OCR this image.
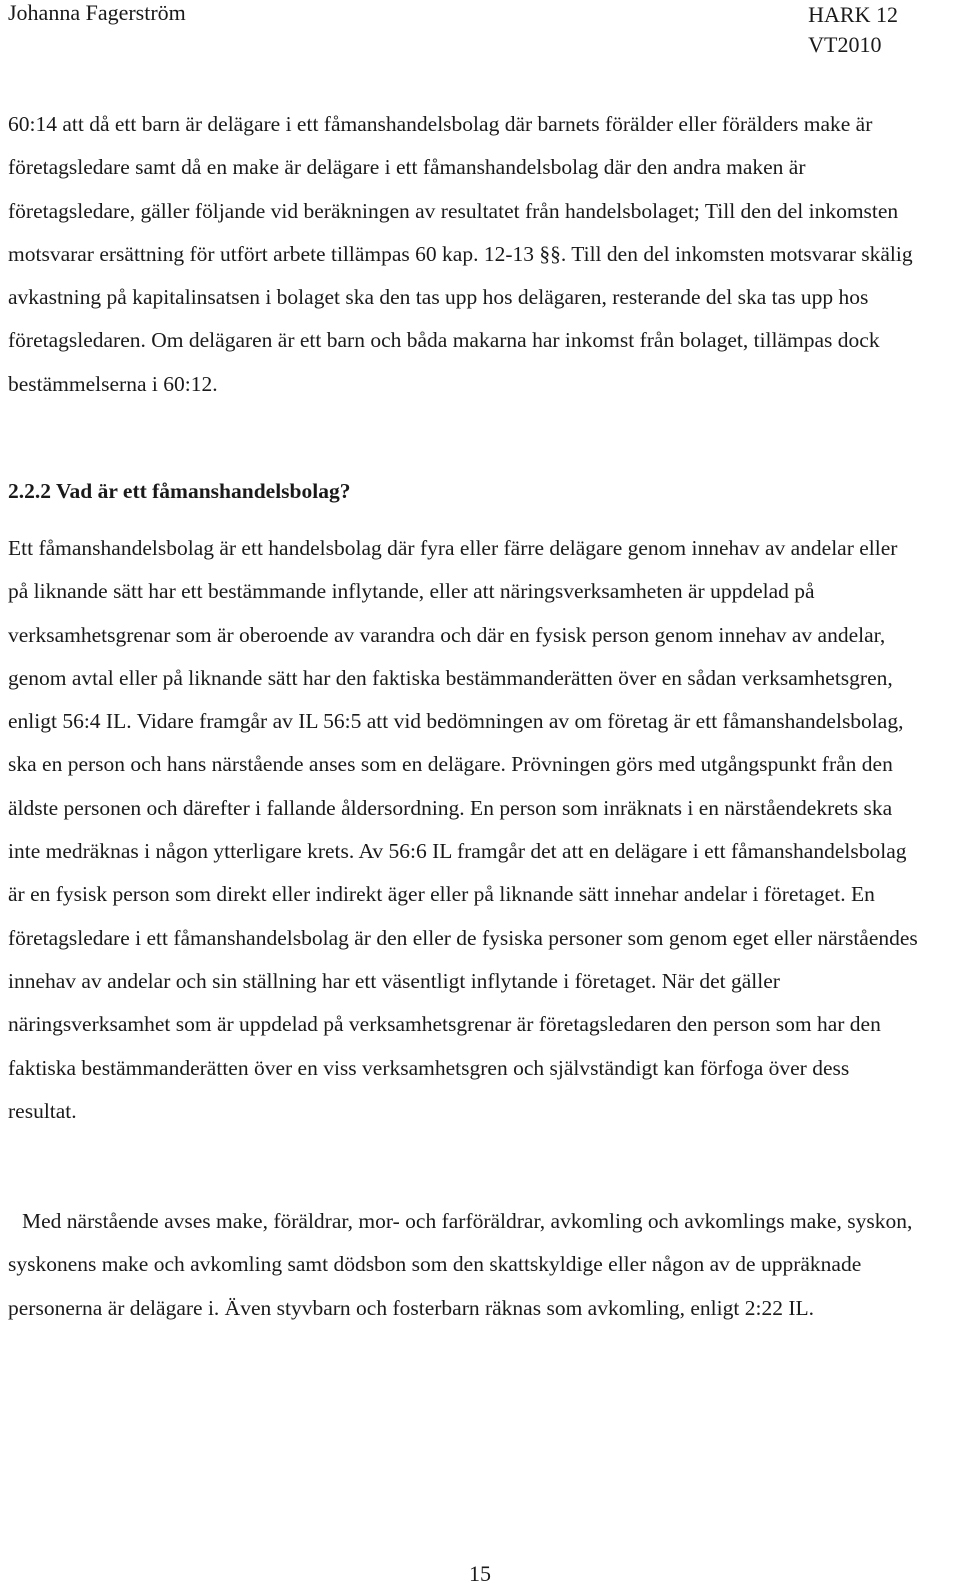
Johanna Fagerström	HARK 12
VT2010

60:14 att då ett barn är delägare i ett fåmanshandelsbolag där barnets förälder eller förälders make är företagsledare samt då en make är delägare i ett fåmanshandelsbolag där den andra maken är företagsledare, gäller följande vid beräkningen av resultatet från handelsbolaget; Till den del inkomsten motsvarar ersättning för utfört arbete tillämpas 60 kap. 12-13 §§. Till den del inkomsten motsvarar skälig avkastning på kapitalinsatsen i bolaget ska den tas upp hos delägaren, resterande del ska tas upp hos företagsledaren. Om delägaren är ett barn och båda makarna har inkomst från bolaget, tillämpas dock bestämmelserna i 60:12.

2.2.2 Vad är ett fåmanshandelsbolag?

Ett fåmanshandelsbolag är ett handelsbolag där fyra eller färre delägare genom innehav av andelar eller på liknande sätt har ett bestämmande inflytande, eller att näringsverksamheten är uppdelad på verksamhetsgrenar som är oberoende av varandra och där en fysisk person genom innehav av andelar, genom avtal eller på liknande sätt har den faktiska bestämmanderätten över en sådan verksamhetsgren, enligt 56:4 IL. Vidare framgår av IL 56:5 att vid bedömningen av om företag är ett fåmanshandelsbolag, ska en person och hans närstående anses som en delägare. Prövningen görs med utgångspunkt från den äldste personen och därefter i fallande åldersordning. En person som inräknats i en närståendekrets ska inte medräknas i någon ytterligare krets. Av 56:6 IL framgår det att en delägare i ett fåmanshandelsbolag är en fysisk person som direkt eller indirekt äger eller på liknande sätt innehar andelar i företaget. En företagsledare i ett fåmanshandelsbolag är den eller de fysiska personer som genom eget eller närståendes innehav av andelar och sin ställning har ett väsentligt inflytande i företaget. När det gäller näringsverksamhet som är uppdelad på verksamhetsgrenar är företagsledaren den person som har den faktiska bestämmanderätten över en viss verksamhetsgren och självständigt kan förfoga över dess resultat.

Med närstående avses make, föräldrar, mor- och farföräldrar, avkomling och avkomlings make, syskon, syskonens make och avkomling samt dödsbon som den skattskyldige eller någon av de uppräknade personerna är delägare i. Även styvbarn och fosterbarn räknas som avkomling, enligt 2:22 IL.

15
